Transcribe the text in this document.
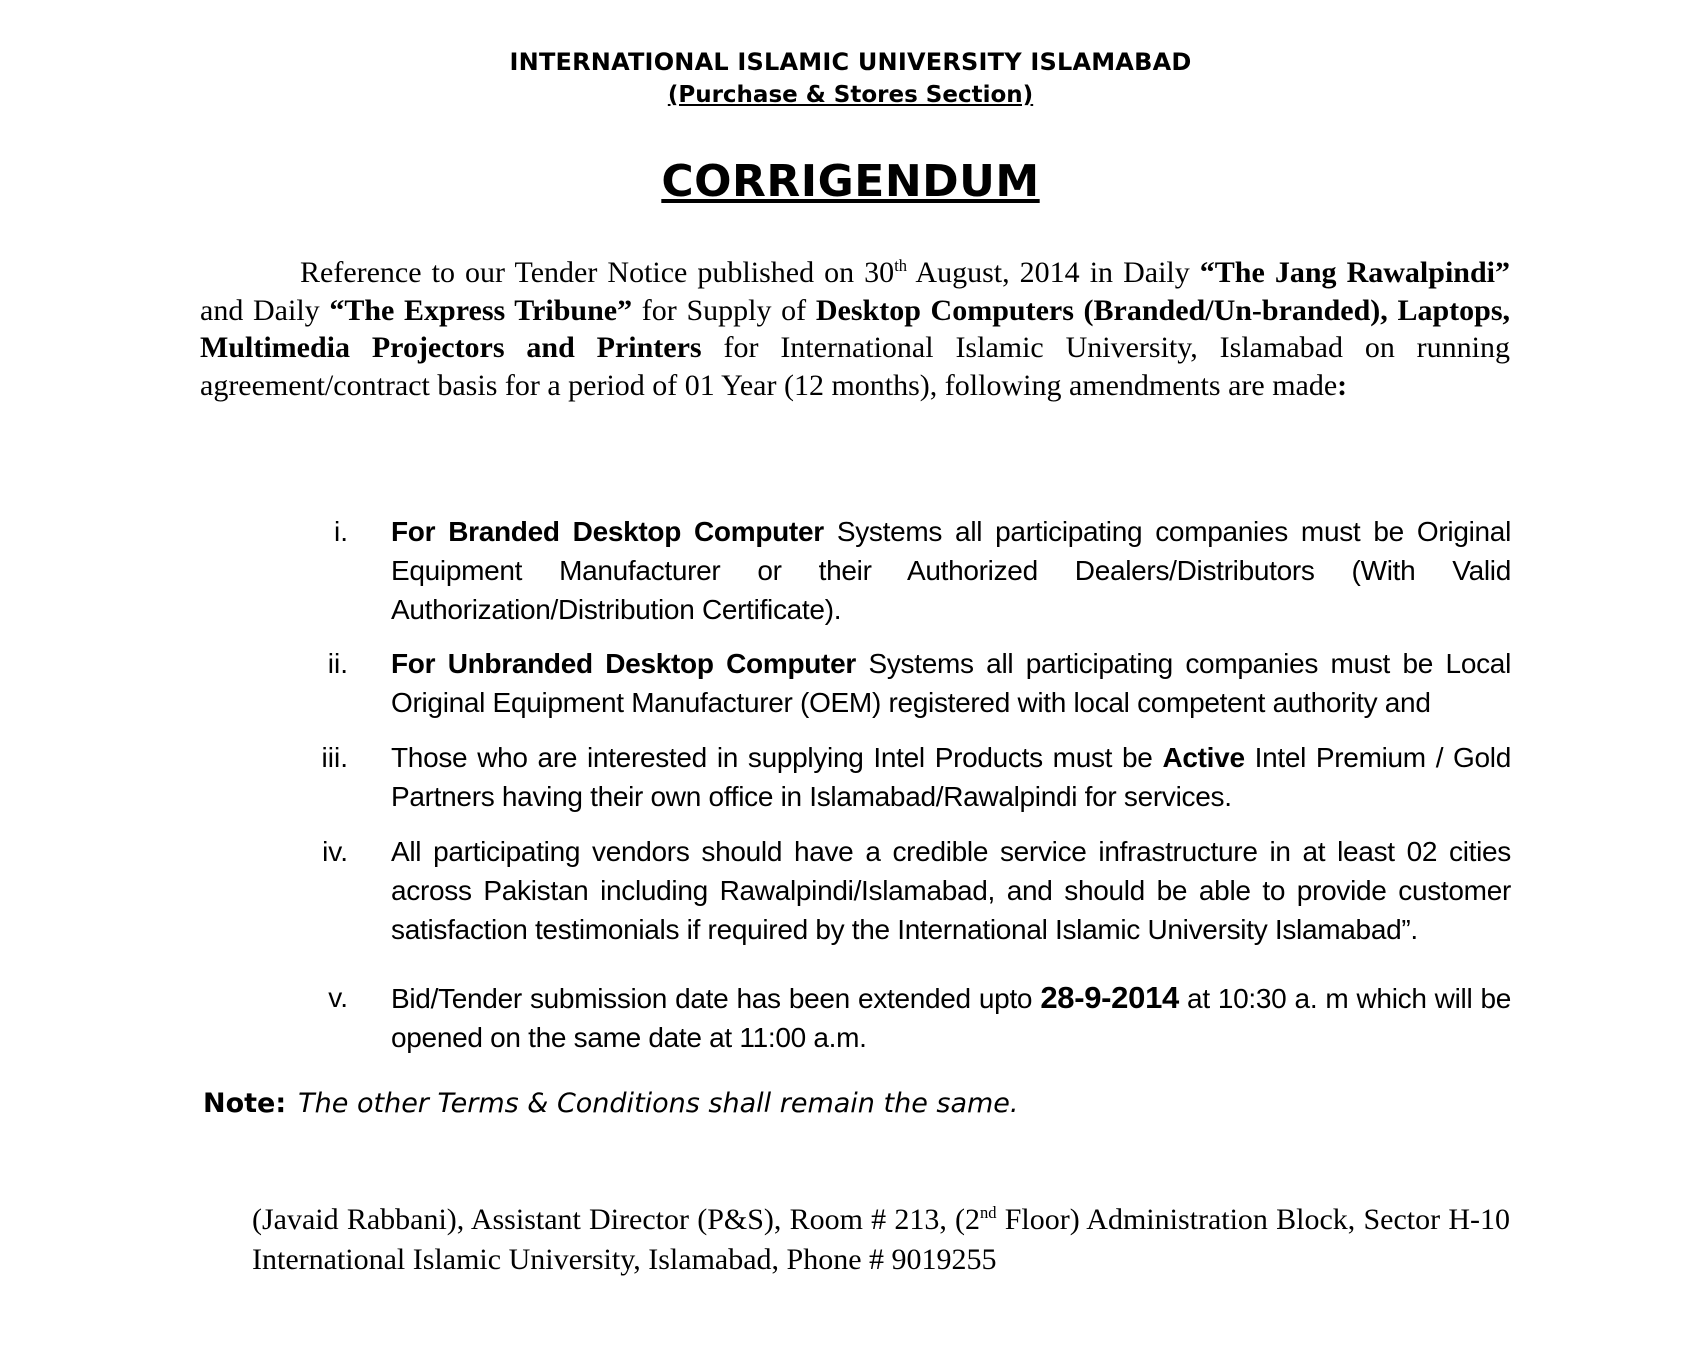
INTERNATIONAL ISLAMIC UNIVERSITY ISLAMABAD
(Purchase & Stores Section)
CORRIGENDUM

Reference to our Tender Notice published on 30th August, 2014 in Daily “The Jang Rawalpindi” and Daily “The Express Tribune” for Supply of Desktop Computers (Branded/Un-branded), Laptops, Multimedia Projectors and Printers for International Islamic University, Islamabad on running agreement/contract basis for a period of 01 Year (12 months), following amendments are made:

i. For Branded Desktop Computer Systems all participating companies must be Original Equipment Manufacturer or their Authorized Dealers/Distributors (With Valid Authorization/Distribution Certificate).

ii. For Unbranded Desktop Computer Systems all participating companies must be Local Original Equipment Manufacturer (OEM) registered with local competent authority and

iii. Those who are interested in supplying Intel Products must be Active Intel Premium / Gold Partners having their own office in Islamabad/Rawalpindi for services.

iv. All participating vendors should have a credible service infrastructure in at least 02 cities across Pakistan including Rawalpindi/Islamabad, and should be able to provide customer satisfaction testimonials if required by the International Islamic University Islamabad”.

v. Bid/Tender submission date has been extended upto 28-9-2014 at 10:30 a. m which will be opened on the same date at 11:00 a.m.

Note: The other Terms & Conditions shall remain the same.

(Javaid Rabbani), Assistant Director (P&S), Room # 213, (2nd Floor) Administration Block, Sector H-10 International Islamic University, Islamabad, Phone # 9019255
